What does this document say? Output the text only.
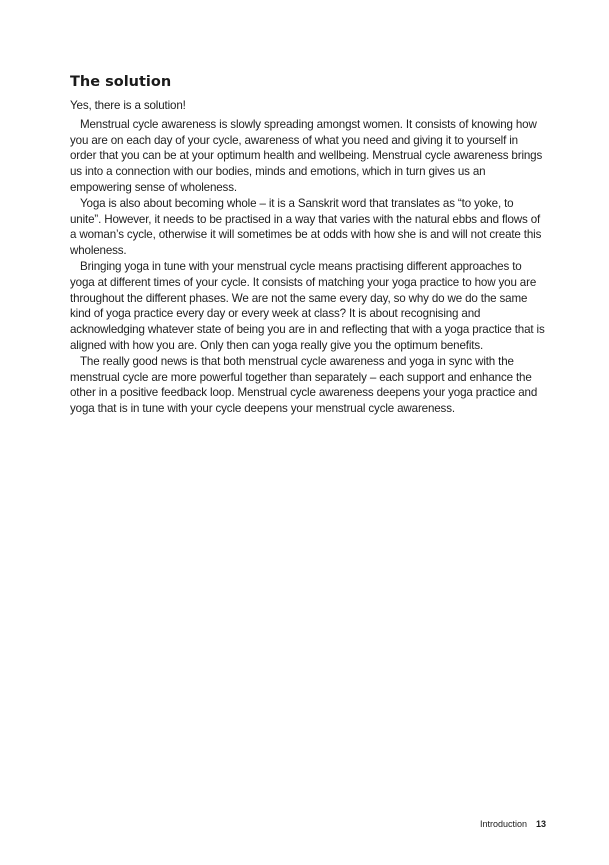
The solution

Yes, there is a solution!

Menstrual cycle awareness is slowly spreading amongst women. It consists of knowing how you are on each day of your cycle, awareness of what you need and giving it to yourself in order that you can be at your optimum health and wellbeing. Menstrual cycle awareness brings us into a connection with our bodies, minds and emotions, which in turn gives us an empowering sense of wholeness.

Yoga is also about becoming whole – it is a Sanskrit word that translates as “to yoke, to unite”. However, it needs to be practised in a way that varies with the natural ebbs and flows of a woman’s cycle, otherwise it will sometimes be at odds with how she is and will not create this wholeness.

Bringing yoga in tune with your menstrual cycle means practising different approaches to yoga at different times of your cycle. It consists of matching your yoga practice to how you are throughout the different phases. We are not the same every day, so why do we do the same kind of yoga practice every day or every week at class? It is about recognising and acknowledging whatever state of being you are in and reflecting that with a yoga practice that is aligned with how you are. Only then can yoga really give you the optimum benefits.

The really good news is that both menstrual cycle awareness and yoga in sync with the menstrual cycle are more powerful together than separately – each support and enhance the other in a positive feedback loop. Menstrual cycle awareness deepens your yoga practice and yoga that is in tune with your cycle deepens your menstrual cycle awareness.

Introduction 13
